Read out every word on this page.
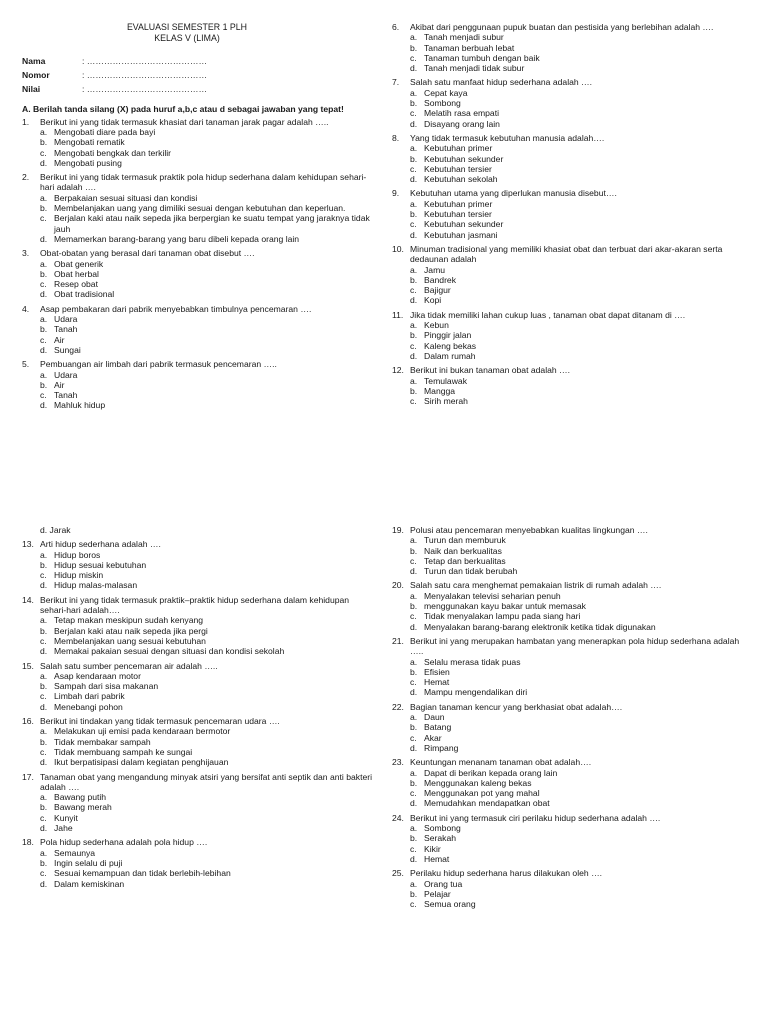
EVALUASI SEMESTER 1 PLH
KELAS V (LIMA)
Nama	: ……………………………………
Nomor	: ……………………………………
Nilai	: ……………………………………
A. Berilah tanda silang (X) pada huruf a,b,c atau d sebagai jawaban yang tepat!
1.	Berikut ini yang tidak termasuk khasiat dari tanaman jarak pagar adalah …..
a. Mengobati diare pada bayi
b. Mengobati rematik
c. Mengobati bengkak dan terkilir
d. Mengobati pusing
2.	Berikut ini yang tidak termasuk praktik pola hidup sederhana dalam kehidupan sehari-hari adalah ….
a. Berpakaian sesuai situasi dan kondisi
b. Membelanjakan uang yang dimiliki sesuai dengan kebutuhan dan keperluan.
c. Berjalan kaki atau naik sepeda jika berpergian ke suatu tempat yang jaraknya tidak jauh
d. Memamerkan barang-barang yang baru dibeli kepada orang lain
3.	Obat-obatan yang berasal dari tanaman obat disebut ….
a. Obat generik
b. Obat herbal
c. Resep obat
d. Obat tradisional
4.	Asap pembakaran dari pabrik menyebabkan timbulnya pencemaran ….
a. Udara
b. Tanah
c. Air
d. Sungai
5.	Pembuangan air limbah dari pabrik termasuk pencemaran …..
a. Udara
b. Air
c. Tanah
d. Mahluk hidup
6.	Akibat dari penggunaan pupuk buatan dan pestisida yang berlebihan adalah ….
a. Tanah menjadi subur
b. Tanaman berbuah lebat
c. Tanaman tumbuh dengan baik
d. Tanah menjadi tidak subur
7.	Salah satu manfaat hidup sederhana adalah ….
a. Cepat kaya
b. Sombong
c. Melatih rasa empati
d. Disayang orang lain
8.	Yang tidak termasuk kebutuhan manusia adalah….
a. Kebutuhan primer
b. Kebutuhan sekunder
c. Kebutuhan tersier
d. Kebutuhan sekolah
9.	Kebutuhan utama yang diperlukan manusia disebut….
a. Kebutuhan primer
b. Kebutuhan tersier
c. Kebutuhan sekunder
d. Kebutuhan jasmani
10. Minuman tradisional yang memiliki khasiat obat dan terbuat dari akar-akaran serta dedaunan adalah
a. Jamu
b. Bandrek
c. Bajigur
d. Kopi
11. Jika tidak memiliki lahan cukup luas , tanaman obat dapat ditanam di ….
a. Kebun
b. Pinggir jalan
c. Kaleng bekas
d. Dalam rumah
12. Berikut ini bukan tanaman obat adalah ….
a. Temulawak
b. Mangga
c. Sirih merah
d. Jarak
13. Arti hidup sederhana adalah ….
a. Hidup boros
b. Hidup sesuai kebutuhan
c. Hidup miskin
d. Hidup malas-malasan
14. Berikut ini yang tidak termasuk praktik–praktik hidup sederhana dalam kehidupan sehari-hari adalah….
a. Tetap makan meskipun sudah kenyang
b. Berjalan kaki atau naik sepeda jika pergi
c. Membelanjakan uang sesuai kebutuhan
d. Memakai pakaian sesuai dengan situasi dan kondisi sekolah
15. Salah satu sumber pencemaran air adalah …..
a. Asap kendaraan motor
b. Sampah dari sisa makanan
c. Limbah dari pabrik
d. Menebangi pohon
16. Berikut ini tindakan yang tidak termasuk pencemaran udara ….
a. Melakukan uji emisi pada kendaraan bermotor
b. Tidak membakar sampah
c. Tidak membuang sampah ke sungai
d. Ikut berpatisipasi dalam kegiatan penghijauan
17. Tanaman obat yang mengandung minyak atsiri yang bersifat anti septik dan anti bakteri adalah ….
a. Bawang putih
b. Bawang merah
c. Kunyit
d. Jahe
18. Pola hidup sederhana adalah pola hidup ….
a. Semaunya
b. Ingin selalu di puji
c. Sesuai kemampuan dan tidak berlebih-lebihan
d. Dalam kemiskinan
19. Polusi atau pencemaran menyebabkan kualitas lingkungan ….
a. Turun dan memburuk
b. Naik dan berkualitas
c. Tetap dan berkualitas
d. Turun dan tidak berubah
20. Salah satu cara menghemat pemakaian listrik di rumah adalah ….
a. Menyalakan televisi seharian penuh
b. menggunakan kayu bakar untuk memasak
c. Tidak menyalakan lampu pada siang hari
d. Menyalakan barang-barang elektronik ketika tidak digunakan
21. Berikut ini yang merupakan hambatan yang menerapkan pola hidup sederhana adalah …..
a. Selalu merasa tidak puas
b. Efisien
c. Hemat
d. Mampu mengendalikan diri
22. Bagian tanaman kencur yang berkhasiat obat adalah….
a. Daun
b. Batang
c. Akar
d. Rimpang
23. Keuntungan menanam tanaman obat adalah….
a. Dapat di berikan kepada orang lain
b. Menggunakan kaleng bekas
c. Menggunakan pot yang mahal
d. Memudahkan mendapatkan obat
24. Berikut ini yang termasuk ciri perilaku hidup sederhana adalah ….
a. Sombong
b. Serakah
c. Kikir
d. Hemat
25. Perilaku hidup sederhana harus dilakukan oleh ….
a. Orang tua
b. Pelajar
c. Semua orang
